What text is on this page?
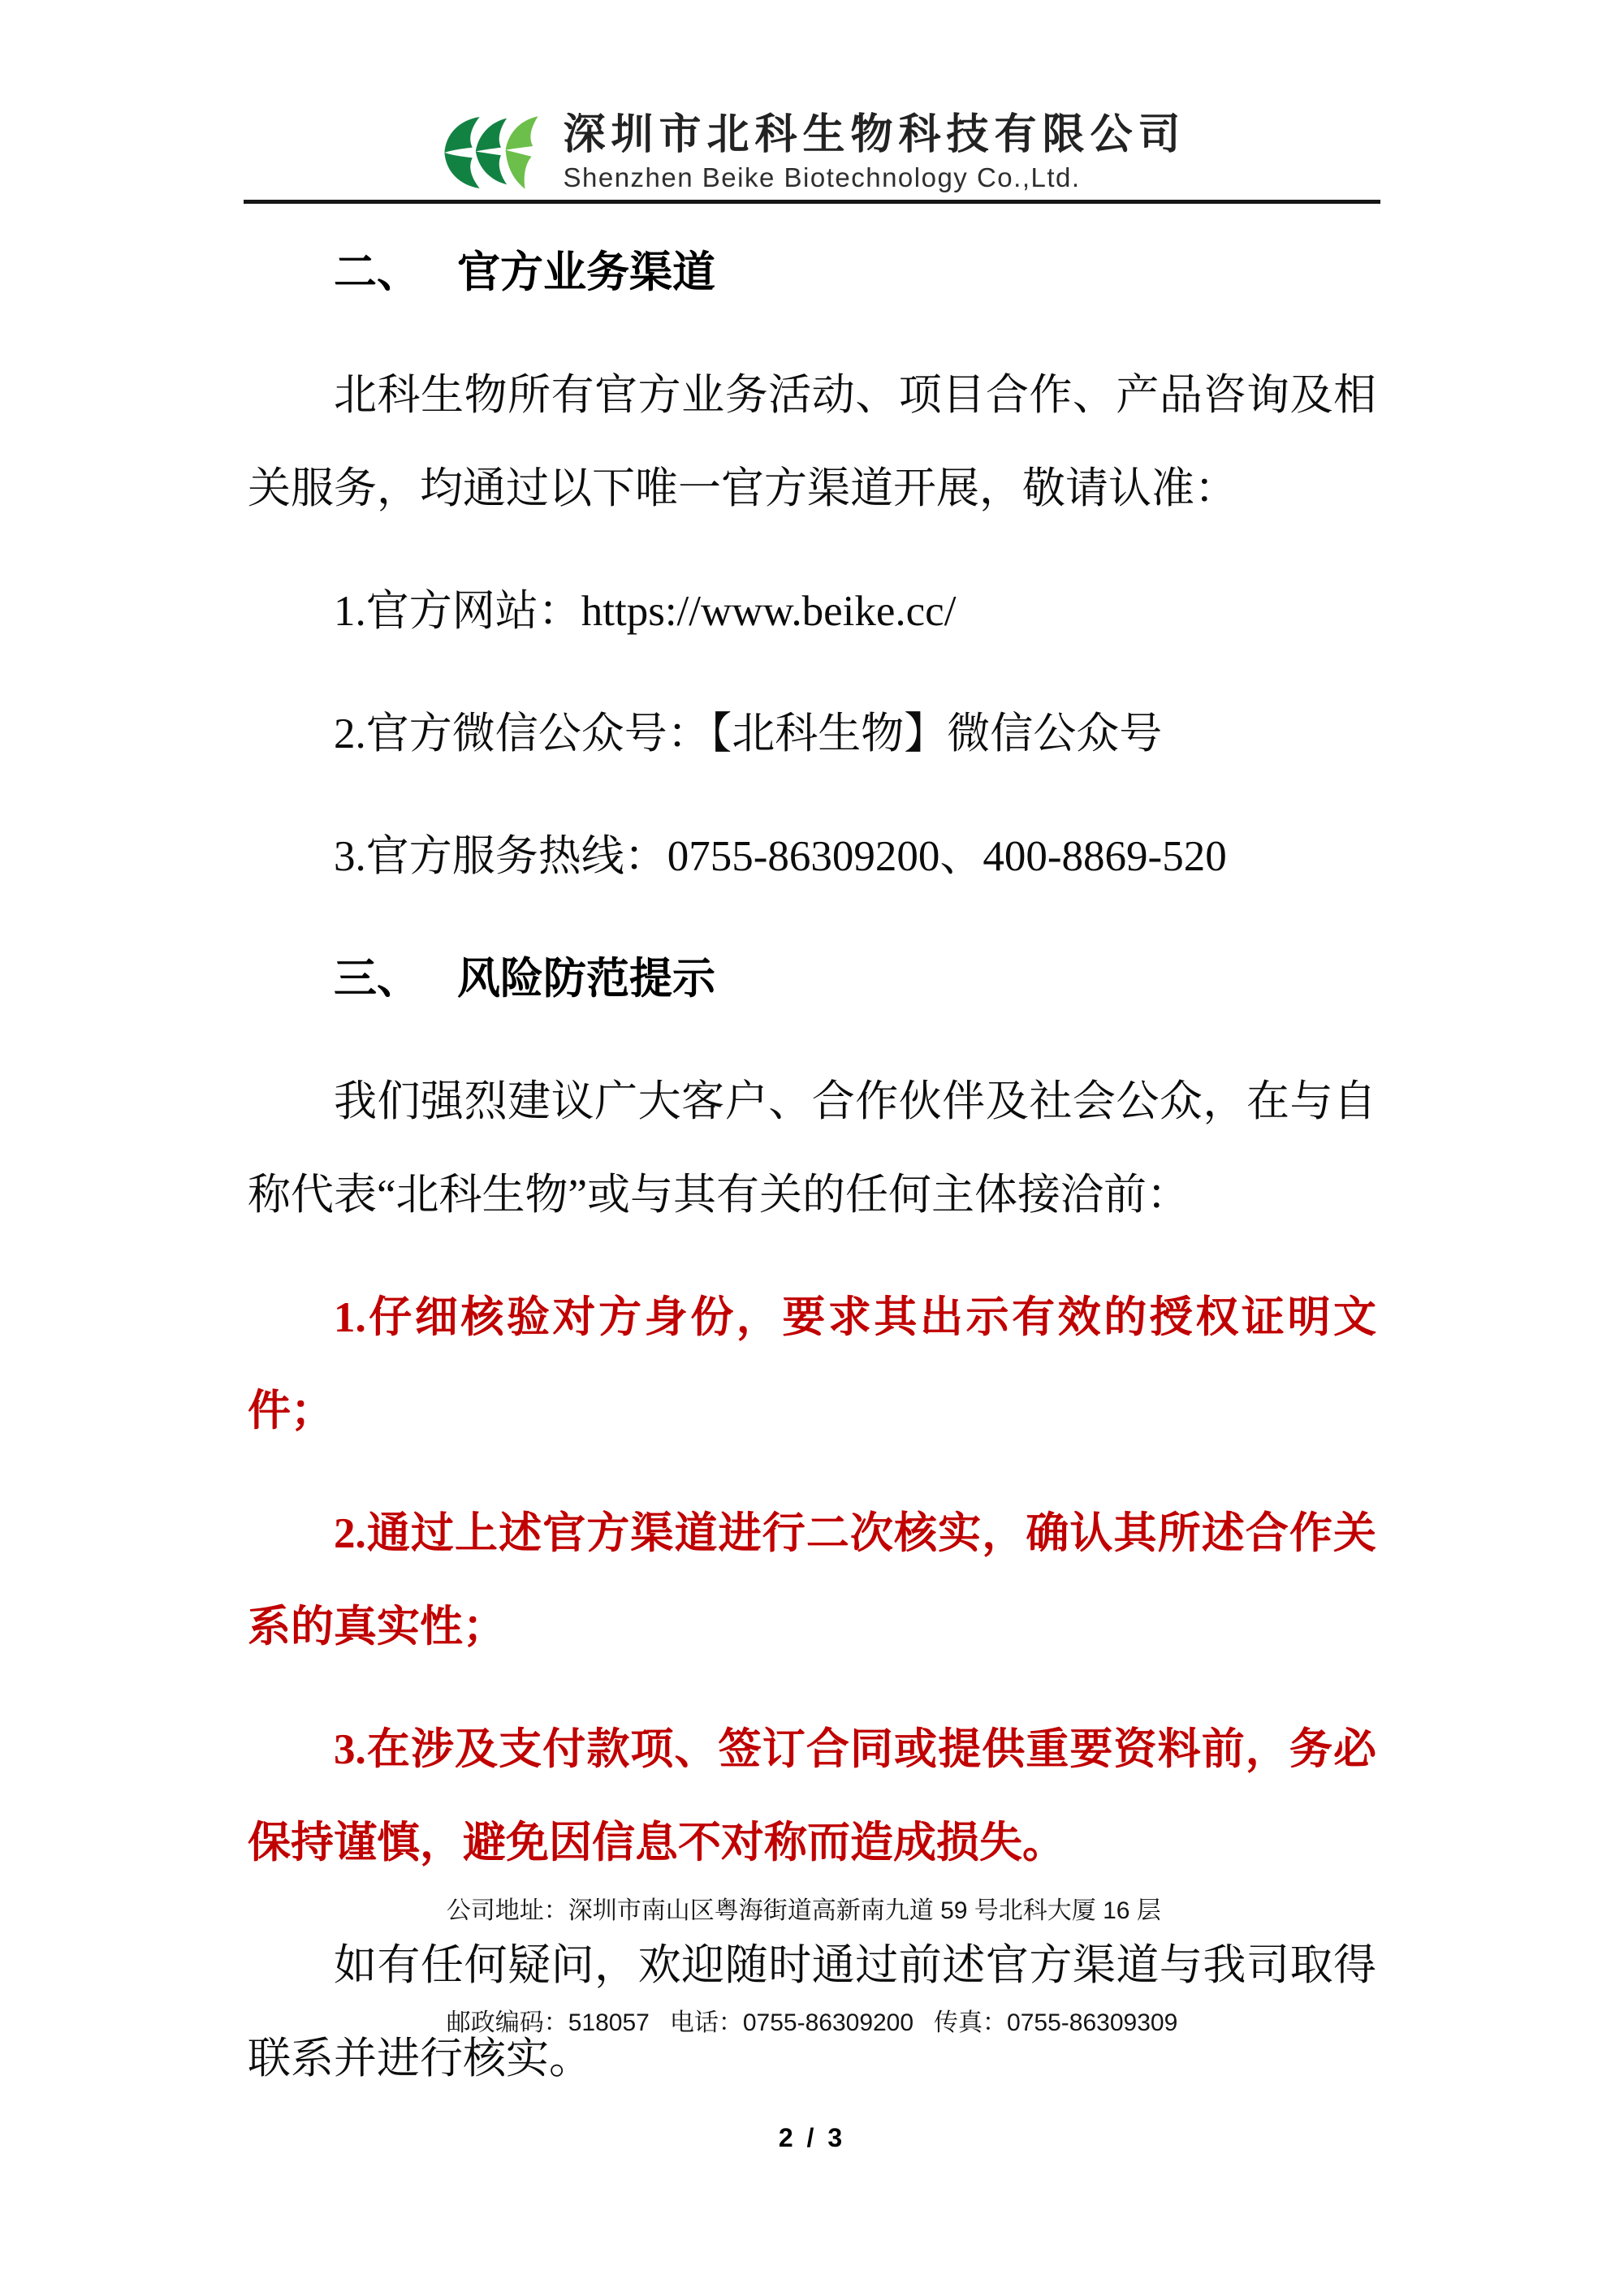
深圳市北科生物科技有限公司
Shenzhen Beike Biotechnology Co.,Ltd.

二、 官方业务渠道

北科生物所有官方业务活动、项目合作、产品咨询及相关服务，均通过以下唯一官方渠道开展，敬请认准：

1.官方网站：https://www.beike.cc/

2.官方微信公众号：【北科生物】微信公众号

3.官方服务热线：0755-86309200、400-8869-520

三、 风险防范提示

我们强烈建议广大客户、合作伙伴及社会公众，在与自称代表“北科生物”或与其有关的任何主体接洽前：

1.仔细核验对方身份，要求其出示有效的授权证明文件；

2.通过上述官方渠道进行二次核实，确认其所述合作关系的真实性；

3.在涉及支付款项、签订合同或提供重要资料前，务必保持谨慎，避免因信息不对称而造成损失。

如有任何疑问，欢迎随时通过前述官方渠道与我司取得联系并进行核实。

公司地址：深圳市南山区粤海街道高新南九道 59 号北科大厦 16 层

邮政编码：518057   电话：0755-86309200   传真：0755-86309309

2 / 3
